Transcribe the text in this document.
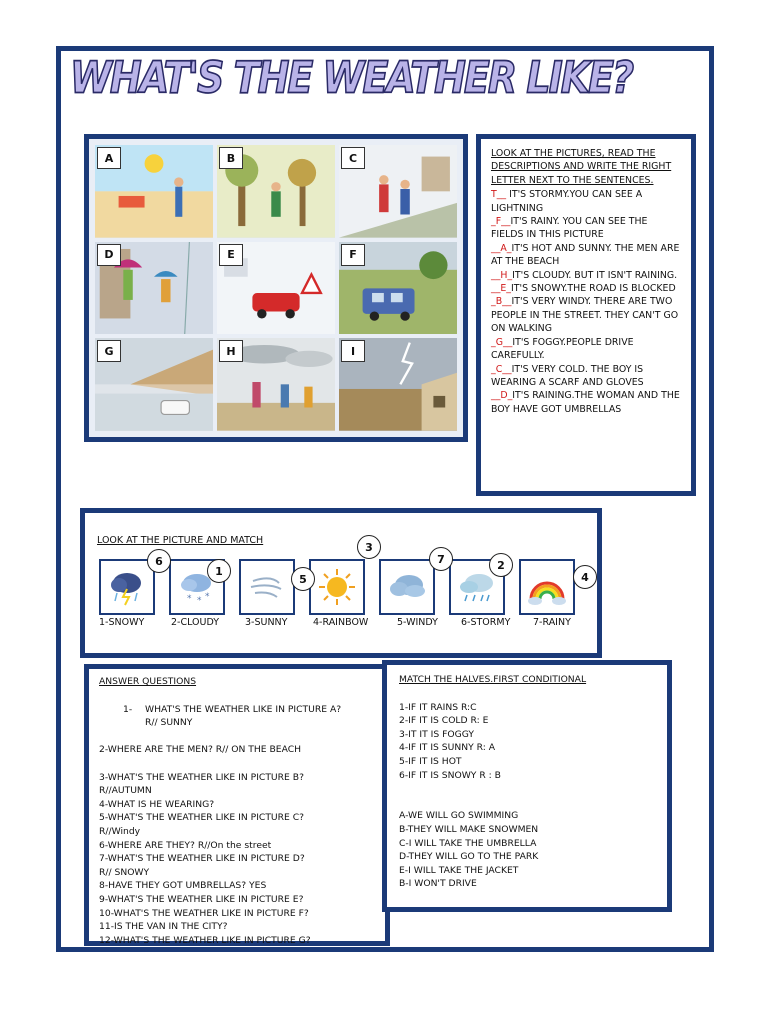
WHAT'S THE WEATHER LIKE?
A	B	C
D	E	F
G	H	I
LOOK AT THE PICTURES, READ THE DESCRIPTIONS AND WRITE THE RIGHT LETTER NEXT TO THE SENTENCES.
T__ IT'S STORMY.YOU CAN SEE A LIGHTNING
_F__IT'S RAINY. YOU CAN SEE THE FIELDS IN THIS PICTURE
__A_IT'S HOT AND SUNNY. THE MEN ARE AT THE BEACH
__H_IT'S CLOUDY. BUT IT ISN'T RAINING.
__E_IT'S SNOWY.THE ROAD IS BLOCKED
_B__IT'S VERY WINDY. THERE ARE TWO PEOPLE IN THE STREET. THEY CAN'T GO ON WALKING
_G__IT'S FOGGY.PEOPLE DRIVE CAREFULLY.
_C__IT'S VERY COLD. THE BOY IS WEARING A SCARF AND GLOVES
__D_IT'S RAINING.THE WOMAN AND THE BOY HAVE GOT UMBRELLAS
LOOK AT THE PICTURE AND MATCH
* * *
6
1
5
3
7	2
4
1-SNOWY	2-CLOUDY	3-SUNNY	4-RAINBOW	5-WINDY 6-STORMY 7-RAINY
ANSWER QUESTIONS
1- WHAT'S THE WEATHER LIKE IN PICTURE A?
R// SUNNY
2-WHERE ARE THE MEN? R// ON THE BEACH
3-WHAT'S THE WEATHER LIKE IN PICTURE B?
R//AUTUMN
4-WHAT IS HE WEARING?
5-WHAT'S THE WEATHER LIKE IN PICTURE C?
R//Windy
6-WHERE ARE THEY? R//On the street
7-WHAT'S THE WEATHER LIKE IN PICTURE D?
R// SNOWY
8-HAVE THEY GOT UMBRELLAS? YES
9-WHAT'S THE WEATHER LIKE IN PICTURE E?
10-WHAT'S THE WEATHER LIKE IN PICTURE F?
11-IS THE VAN IN THE CITY?
12-WHAT'S THE WEATHER LIKE IN PICTURE G?
MATCH THE HALVES.FIRST CONDITIONAL
1-IF IT RAINS R:C
2-IF IT IS COLD R: E
3-IT IT IS FOGGY
4-IF IT IS SUNNY R: A
5-IF IT IS HOT
6-IF IT IS SNOWY R : B
A-WE WILL GO SWIMMING
B-THEY WILL MAKE SNOWMEN
C-I WILL TAKE THE UMBRELLA
D-THEY WILL GO TO THE PARK
E-I WILL TAKE THE JACKET
B-I WON'T DRIVE
